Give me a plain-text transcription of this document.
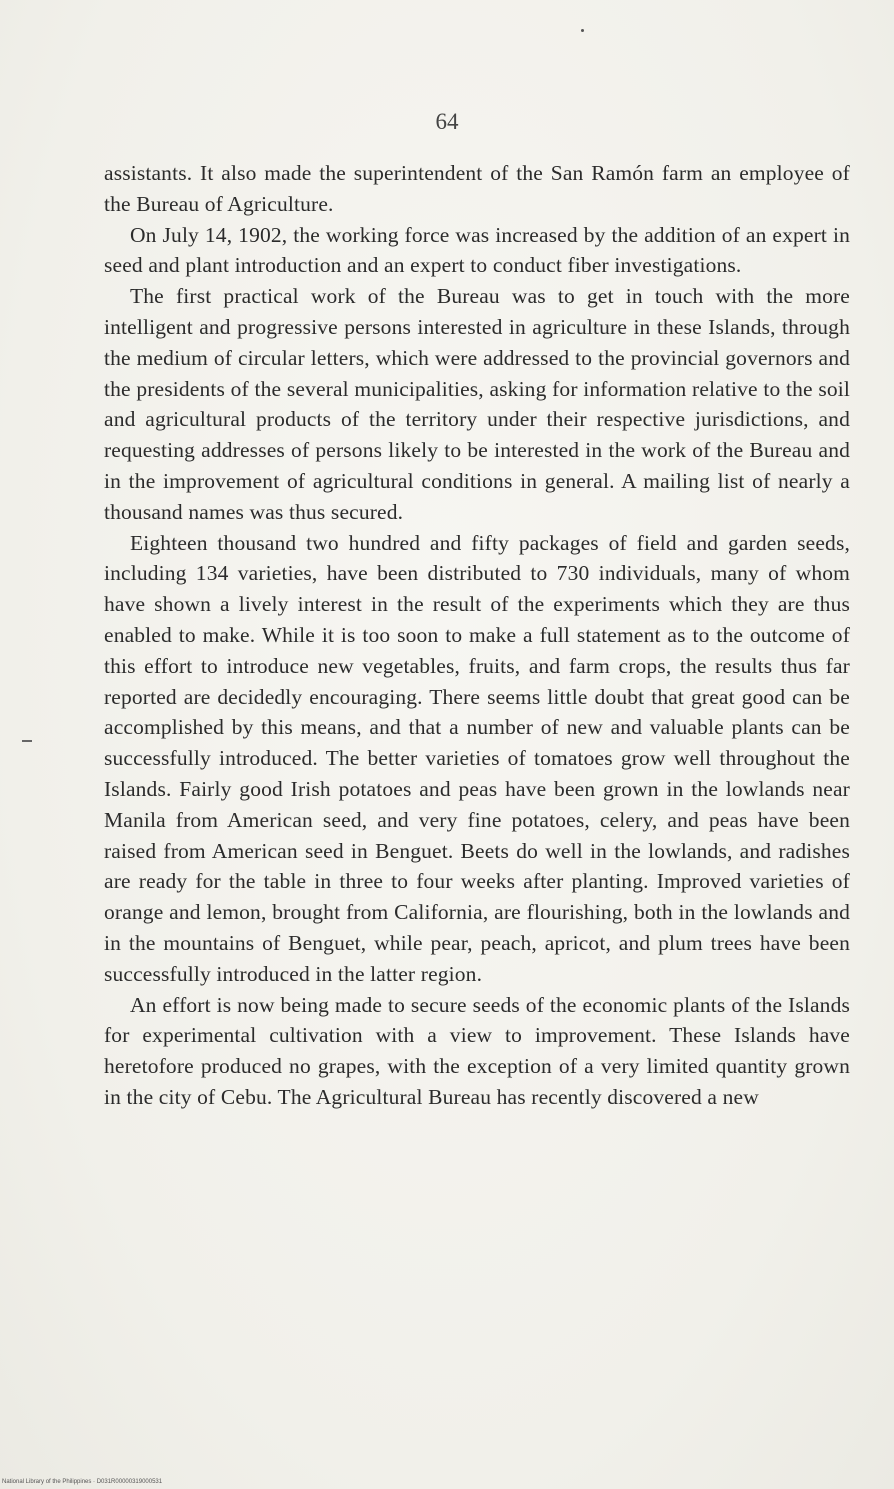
64

assistants. It also made the superintendent of the San Ramón farm an employee of the Bureau of Agriculture.

On July 14, 1902, the working force was increased by the addition of an expert in seed and plant introduction and an expert to conduct fiber investigations.

The first practical work of the Bureau was to get in touch with the more intelligent and progressive persons interested in agriculture in these Islands, through the medium of circular letters, which were addressed to the provincial governors and the presidents of the several municipalities, asking for information relative to the soil and agricultural products of the territory under their respective jurisdictions, and requesting addresses of persons likely to be interested in the work of the Bureau and in the improvement of agricultural conditions in general. A mailing list of nearly a thousand names was thus secured.

Eighteen thousand two hundred and fifty packages of field and garden seeds, including 134 varieties, have been distributed to 730 individuals, many of whom have shown a lively interest in the result of the experiments which they are thus enabled to make. While it is too soon to make a full statement as to the outcome of this effort to introduce new vegetables, fruits, and farm crops, the results thus far reported are decidedly encouraging. There seems little doubt that great good can be accomplished by this means, and that a number of new and valuable plants can be successfully introduced. The better varieties of tomatoes grow well throughout the Islands. Fairly good Irish potatoes and peas have been grown in the lowlands near Manila from American seed, and very fine potatoes, celery, and peas have been raised from American seed in Benguet. Beets do well in the lowlands, and radishes are ready for the table in three to four weeks after planting. Improved varieties of orange and lemon, brought from California, are flourishing, both in the lowlands and in the mountains of Benguet, while pear, peach, apricot, and plum trees have been successfully introduced in the latter region.

An effort is now being made to secure seeds of the economic plants of the Islands for experimental cultivation with a view to improvement. These Islands have heretofore produced no grapes, with the exception of a very limited quantity grown in the city of Cebu. The Agricultural Bureau has recently discovered a new

National Library of the Philippines · D031R00000319000531
